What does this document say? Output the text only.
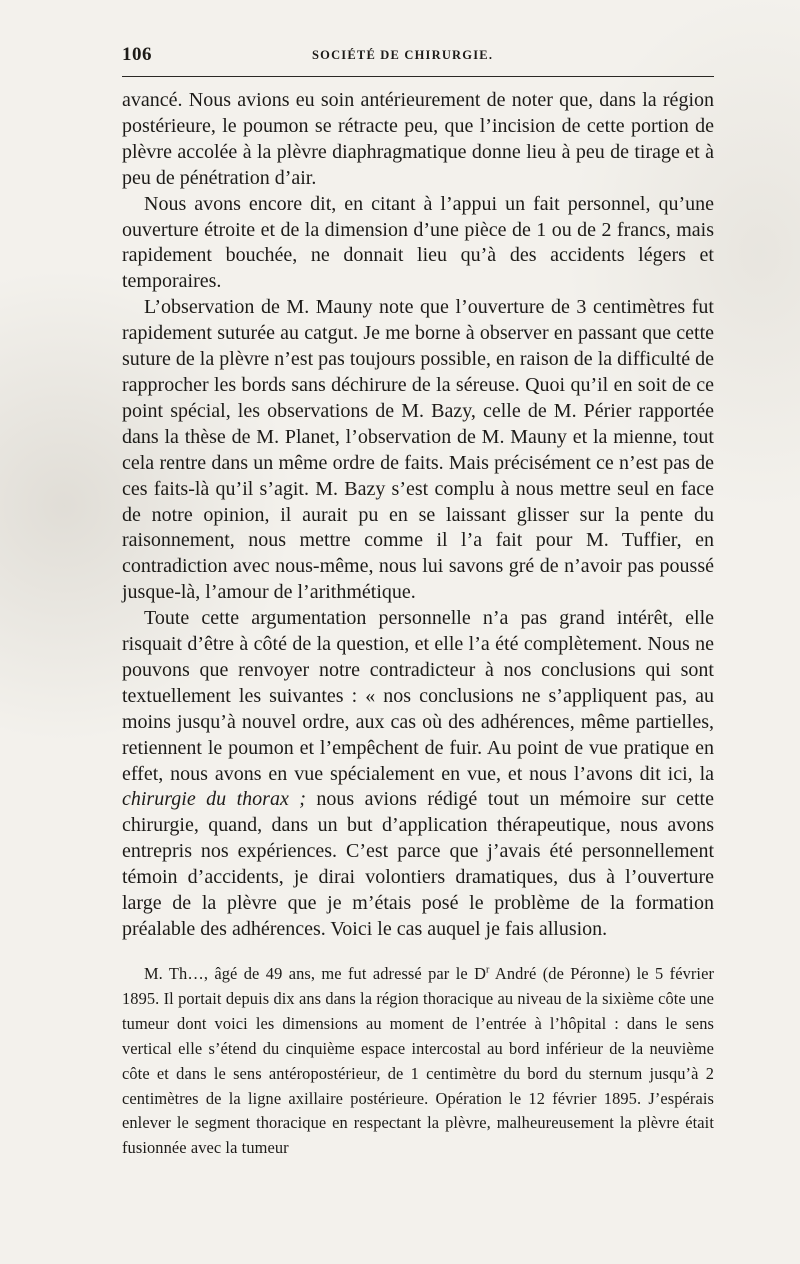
106	SOCIÉTÉ DE CHIRURGIE.

avancé. Nous avions eu soin antérieurement de noter que, dans la région postérieure, le poumon se rétracte peu, que l’incision de cette portion de plèvre accolée à la plèvre diaphragmatique donne lieu à peu de tirage et à peu de pénétration d’air.

Nous avons encore dit, en citant à l’appui un fait personnel, qu’une ouverture étroite et de la dimension d’une pièce de 1 ou de 2 francs, mais rapidement bouchée, ne donnait lieu qu’à des accidents légers et temporaires.

L’observation de M. Mauny note que l’ouverture de 3 centimètres fut rapidement suturée au catgut. Je me borne à observer en passant que cette suture de la plèvre n’est pas toujours possible, en raison de la difficulté de rapprocher les bords sans déchirure de la séreuse. Quoi qu’il en soit de ce point spécial, les observations de M. Bazy, celle de M. Périer rapportée dans la thèse de M. Planet, l’observation de M. Mauny et la mienne, tout cela rentre dans un même ordre de faits. Mais précisément ce n’est pas de ces faits-là qu’il s’agit. M. Bazy s’est complu à nous mettre seul en face de notre opinion, il aurait pu en se laissant glisser sur la pente du raisonnement, nous mettre comme il l’a fait pour M. Tuffier, en contradiction avec nous-même, nous lui savons gré de n’avoir pas poussé jusque-là, l’amour de l’arithmétique.

Toute cette argumentation personnelle n’a pas grand intérêt, elle risquait d’être à côté de la question, et elle l’a été complètement. Nous ne pouvons que renvoyer notre contradicteur à nos conclusions qui sont textuellement les suivantes : « nos conclusions ne s’appliquent pas, au moins jusqu’à nouvel ordre, aux cas où des adhérences, même partielles, retiennent le poumon et l’empêchent de fuir. Au point de vue pratique en effet, nous avons en vue spécialement en vue, et nous l’avons dit ici, la chirurgie du thorax ; nous avions rédigé tout un mémoire sur cette chirurgie, quand, dans un but d’application thérapeutique, nous avons entrepris nos expériences. C’est parce que j’avais été personnellement témoin d’accidents, je dirai volontiers dramatiques, dus à l’ouverture large de la plèvre que je m’étais posé le problème de la formation préalable des adhérences. Voici le cas auquel je fais allusion.

M. Th…, âgé de 49 ans, me fut adressé par le $D^r$ André (de Péronne) le 5 février 1895. Il portait depuis dix ans dans la région thoracique au niveau de la sixième côte une tumeur dont voici les dimensions au moment de l’entrée à l’hôpital : dans le sens vertical elle s’étend du cinquième espace intercostal au bord inférieur de la neuvième côte et dans le sens antéropostérieur, de 1 centimètre du bord du sternum jusqu’à 2 centimètres de la ligne axillaire postérieure. Opération le 12 février 1895. J’espérais enlever le segment thoracique en respectant la plèvre, malheureusement la plèvre était fusionnée avec la tumeur
